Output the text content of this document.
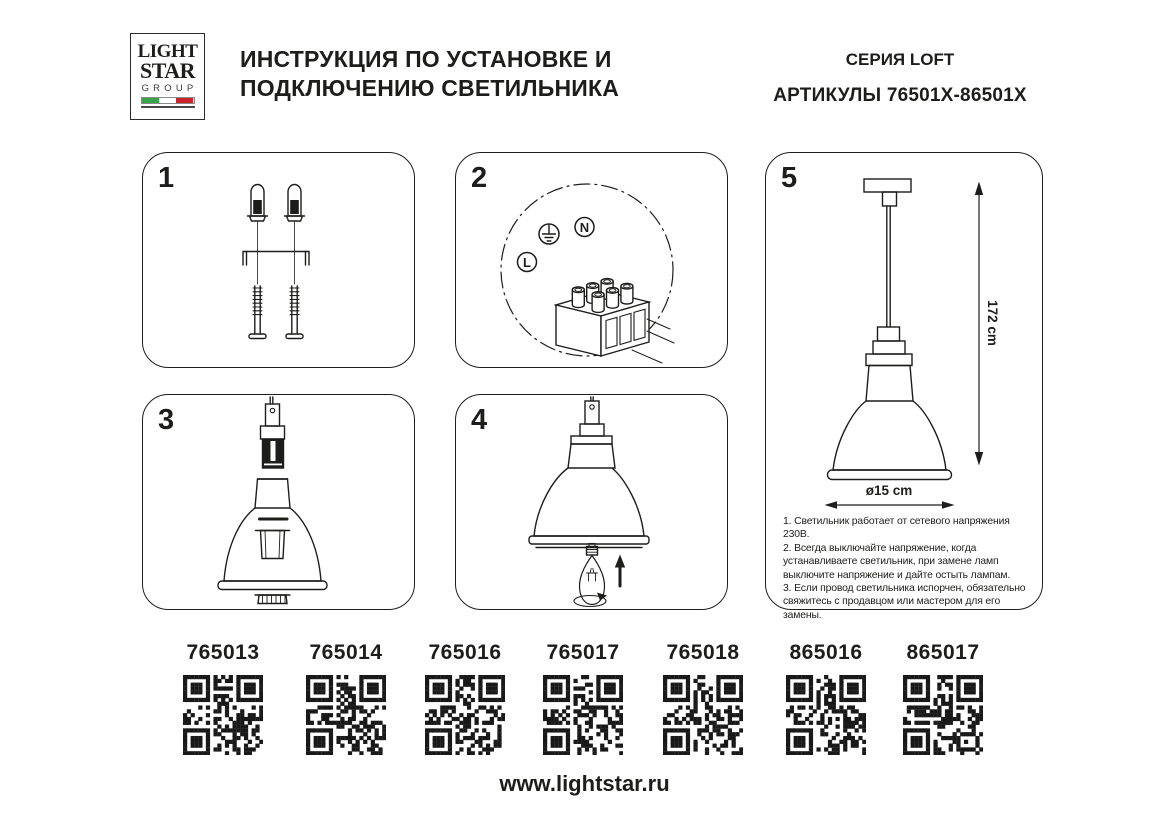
LIGHT
STAR
GROUP
ИНСТРУКЦИЯ ПО УСТАНОВКЕ И
ПОДКЛЮЧЕНИЮ СВЕТИЛЬНИКА
СЕРИЯ LOFT
АРТИКУЛЫ 76501X-86501X
1	2
L
N
3	4
5
172 cm
ø15 cm
1. Светильник работает от сетевого напряжения 230В.
2. Всегда выключайте напряжение, когда устанавливаете светильник, при замене ламп выключите напряжение и дайте остыть лампам.
3. Если провод светильника испорчен, обязательно свяжитесь с продавцом или мастером для его замены.
765013	765014	765016	765017	765018	865016	865017
www.lightstar.ru
